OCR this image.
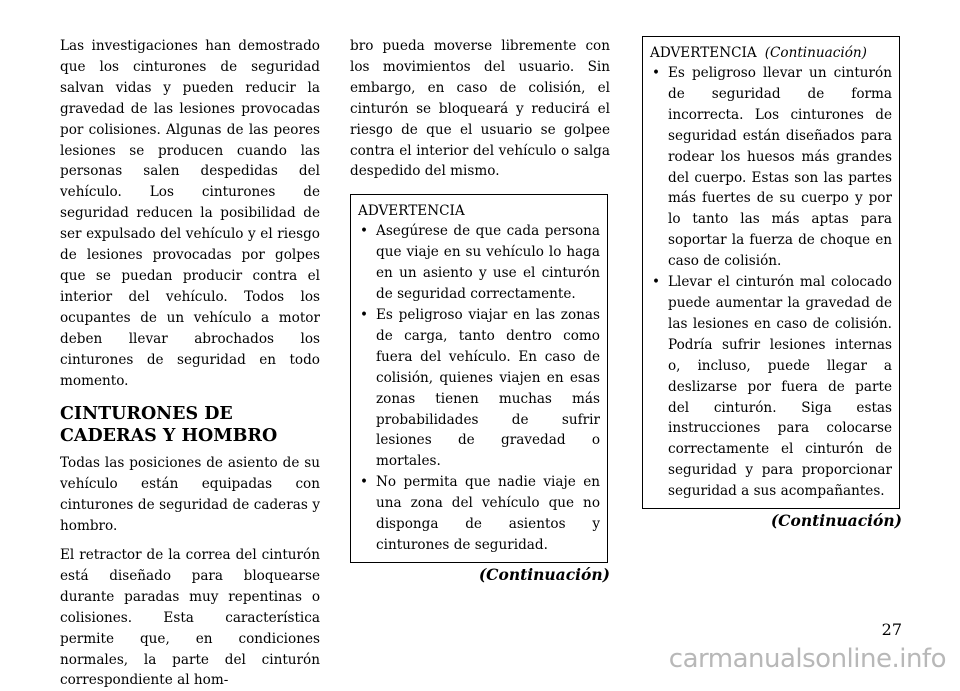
Las investigaciones han demostrado que los cinturones de seguridad salvan vidas y pueden reducir la gravedad de las lesiones provocadas por colisiones. Algunas de las peores lesiones se producen cuando las personas salen despedidas del vehículo. Los cinturones de seguridad reducen la posibilidad de ser expulsado del vehículo y el riesgo de lesiones provocadas por golpes que se puedan producir contra el interior del vehículo. Todos los ocupantes de un vehículo a motor deben llevar abrochados los cinturones de seguridad en todo momento.

CINTURONES DE CADERAS Y HOMBRO

Todas las posiciones de asiento de su vehículo están equipadas con cinturones de seguridad de caderas y hombro.

El retractor de la correa del cinturón está diseñado para bloquearse durante paradas muy repentinas o colisiones. Esta característica permite que, en condiciones normales, la parte del cinturón correspondiente al hom-

bro pueda moverse libremente con los movimientos del usuario. Sin embargo, en caso de colisión, el cinturón se bloqueará y reducirá el riesgo de que el usuario se golpee contra el interior del vehículo o salga despedido del mismo.

ADVERTENCIA

• Asegúrese de que cada persona que viaje en su vehículo lo haga en un asiento y use el cinturón de seguridad correctamente.
• Es peligroso viajar en las zonas de carga, tanto dentro como fuera del vehículo. En caso de colisión, quienes viajen en esas zonas tienen muchas más probabilidades de sufrir lesiones de gravedad o mortales.
• No permita que nadie viaje en una zona del vehículo que no disponga de asientos y cinturones de seguridad.

(Continuación)

ADVERTENCIA (Continuación)

• Es peligroso llevar un cinturón de seguridad de forma incorrecta. Los cinturones de seguridad están diseñados para rodear los huesos más grandes del cuerpo. Estas son las partes más fuertes de su cuerpo y por lo tanto las más aptas para soportar la fuerza de choque en caso de colisión.
• Llevar el cinturón mal colocado puede aumentar la gravedad de las lesiones en caso de colisión. Podría sufrir lesiones internas o, incluso, puede llegar a deslizarse por fuera de parte del cinturón. Siga estas instrucciones para colocarse correctamente el cinturón de seguridad y para proporcionar seguridad a sus acompañantes.

(Continuación)

27
carmanualsonline.info
